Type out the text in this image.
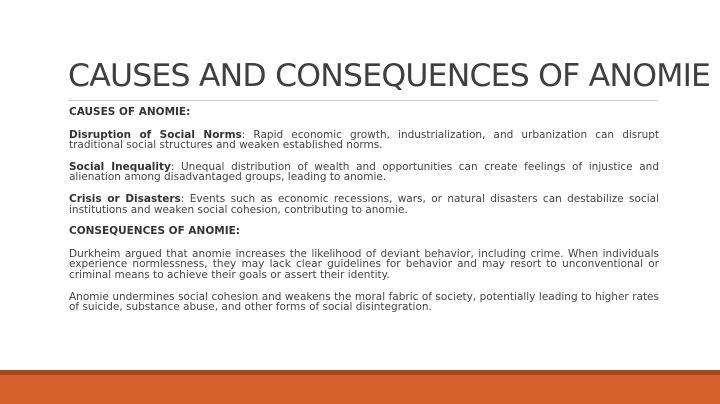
CAUSES AND CONSEQUENCES OF ANOMIE
CAUSES OF ANOMIE:

Disruption of Social Norms: Rapid economic growth, industrialization, and urbanization can disrupt traditional social structures and weaken established norms.

Social Inequality: Unequal distribution of wealth and opportunities can create feelings of injustice and alienation among disadvantaged groups, leading to anomie.

Crisis or Disasters: Events such as economic recessions, wars, or natural disasters can destabilize social institutions and weaken social cohesion, contributing to anomie.

CONSEQUENCES OF ANOMIE:

Durkheim argued that anomie increases the likelihood of deviant behavior, including crime. When individuals experience normlessness, they may lack clear guidelines for behavior and may resort to unconventional or criminal means to achieve their goals or assert their identity.

Anomie undermines social cohesion and weakens the moral fabric of society, potentially leading to higher rates of suicide, substance abuse, and other forms of social disintegration.
